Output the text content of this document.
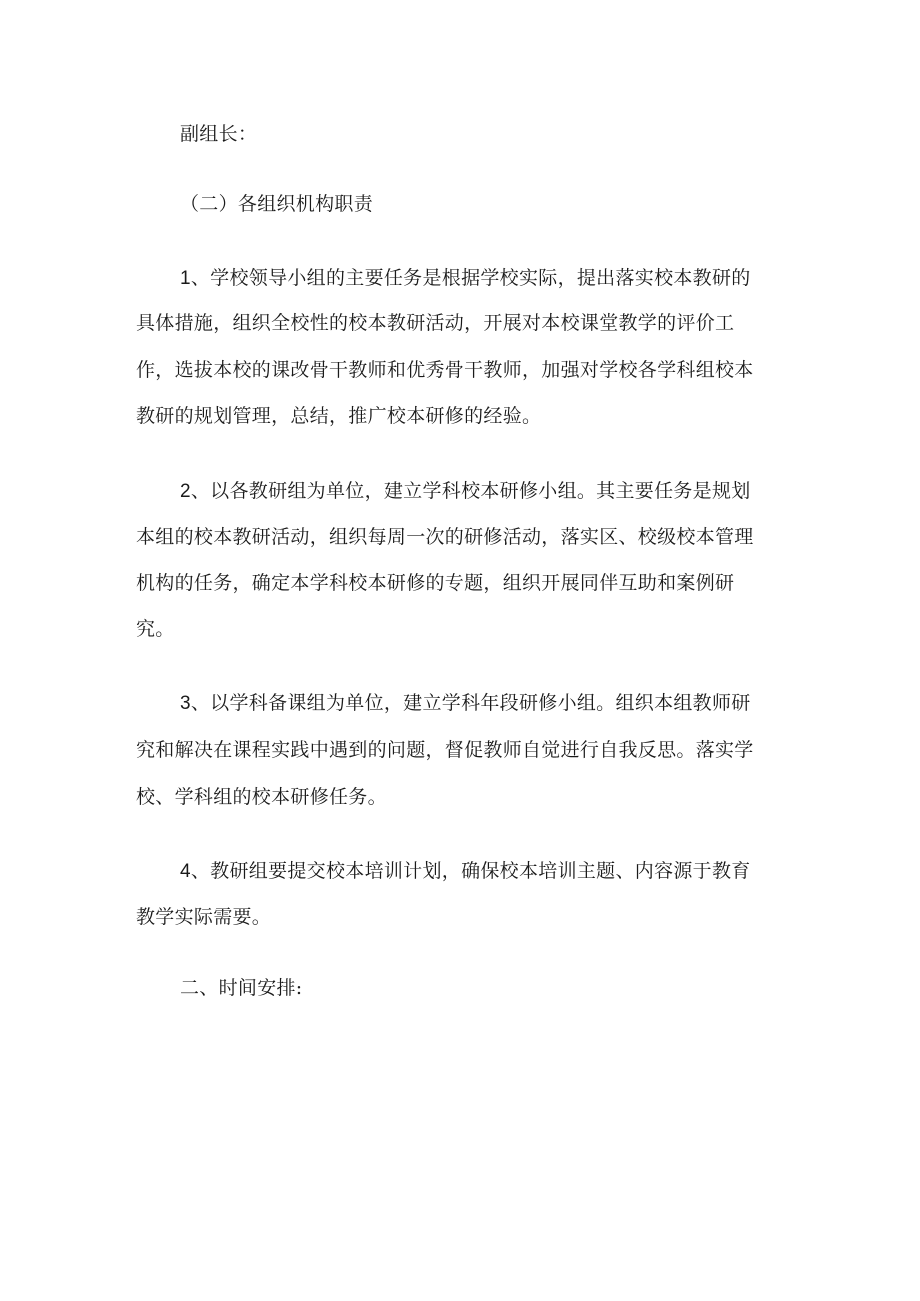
副组长：
（二）各组织机构职责
1、学校领导小组的主要任务是根据学校实际，提出落实校本教研的
具体措施，组织全校性的校本教研活动，开展对本校课堂教学的评价工
作，选拔本校的课改骨干教师和优秀骨干教师，加强对学校各学科组校本
教研的规划管理，总结，推广校本研修的经验。
2、以各教研组为单位，建立学科校本研修小组。其主要任务是规划
本组的校本教研活动，组织每周一次的研修活动，落实区、校级校本管理
机构的任务，确定本学科校本研修的专题，组织开展同伴互助和案例研
究。
3、以学科备课组为单位，建立学科年段研修小组。组织本组教师研
究和解决在课程实践中遇到的问题，督促教师自觉进行自我反思。落实学
校、学科组的校本研修任务。
4、教研组要提交校本培训计划，确保校本培训主题、内容源于教育
教学实际需要。
二、时间安排:
